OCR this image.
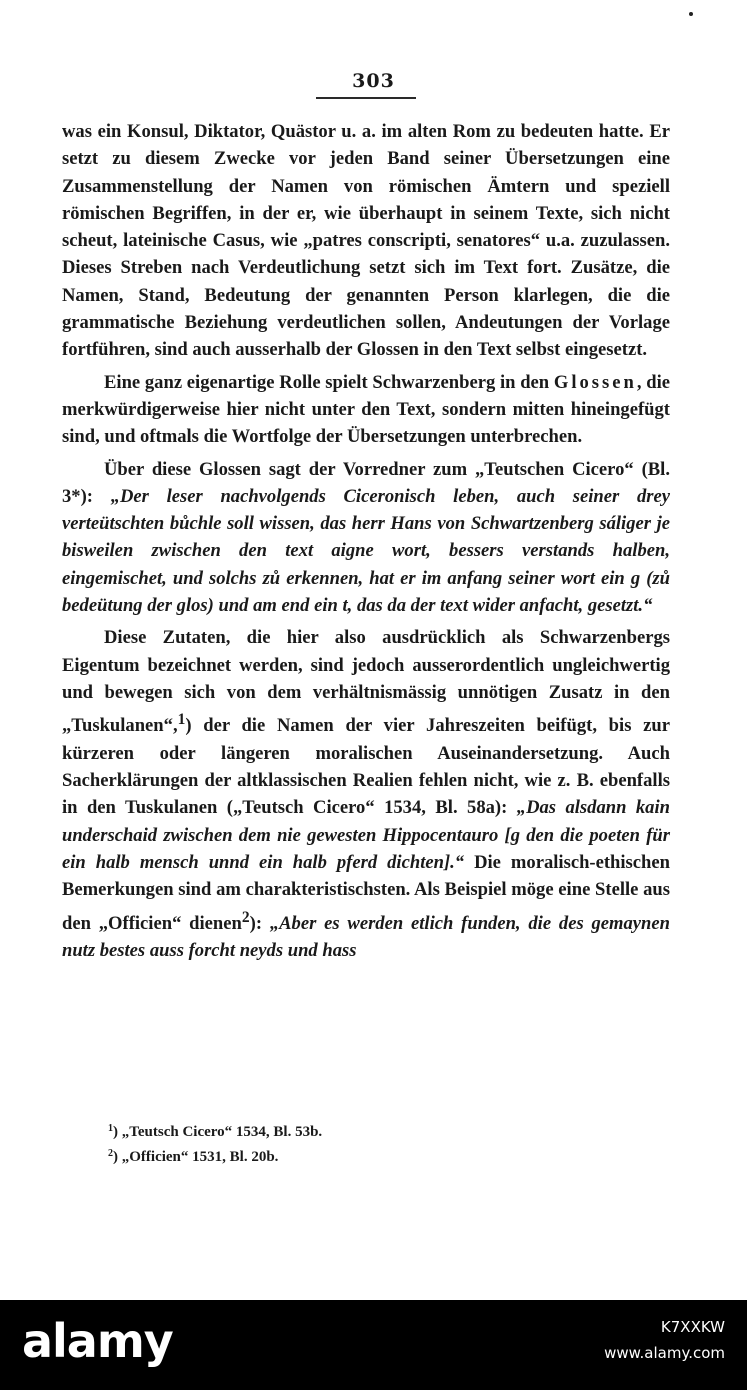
303

was ein Konsul, Diktator, Quästor u. a. im alten Rom zu bedeuten hatte. Er setzt zu diesem Zwecke vor jeden Band seiner Übersetzungen eine Zusammenstellung der Namen von römischen Ämtern und speziell römischen Begriffen, in der er, wie überhaupt in seinem Texte, sich nicht scheut, lateinische Casus, wie „patres conscripti, senatores“ u.a. zuzulassen. Dieses Streben nach Verdeutlichung setzt sich im Text fort. Zusätze, die Namen, Stand, Bedeutung der genannten Person klarlegen, die die grammatische Beziehung verdeutlichen sollen, Andeutungen der Vorlage fortführen, sind auch ausserhalb der Glossen in den Text selbst eingesetzt.

Eine ganz eigenartige Rolle spielt Schwarzenberg in den Glossen, die merkwürdigerweise hier nicht unter den Text, sondern mitten hineingefügt sind, und oftmals die Wortfolge der Übersetzungen unterbrechen.

Über diese Glossen sagt der Vorredner zum „Teutschen Cicero“ (Bl. 3*): „Der leser nachvolgends Ciceronisch leben, auch seiner drey verteütschten bůchle soll wissen, das herr Hans von Schwartzenberg sáliger je bisweilen zwischen den text aigne wort, bessers verstands halben, eingemischet, und solchs zů erkennen, hat er im anfang seiner wort ein g (zů bedeütung der glos) und am end ein t, das da der text wider anfacht, gesetzt.“

Diese Zutaten, die hier also ausdrücklich als Schwarzenbergs Eigentum bezeichnet werden, sind jedoch ausserordentlich ungleichwertig und bewegen sich von dem verhältnismässig unnötigen Zusatz in den „Tuskulanen“,$^1$) der die Namen der vier Jahreszeiten beifügt, bis zur kürzeren oder längeren moralischen Auseinandersetzung. Auch Sacherklärungen der altklassischen Realien fehlen nicht, wie z. B. ebenfalls in den Tuskulanen („Teutsch Cicero“ 1534, Bl. 58a): „Das alsdann kain underschaid zwischen dem nie gewesten Hippocentauro [g den die poeten für ein halb mensch unnd ein halb pferd dichten].“ Die moralisch-ethischen Bemerkungen sind am charakteristischsten. Als Beispiel möge eine Stelle aus den „Officien“ dienen$^2$): „Aber es werden etlich funden, die des gemaynen nutz bestes auss forcht neyds und hass

$^1$) „Teutsch Cicero“ 1534, Bl. 53b.
$^2$) „Officien“ 1531, Bl. 20b.
alamy	K7XXKW
www.alamy.com
